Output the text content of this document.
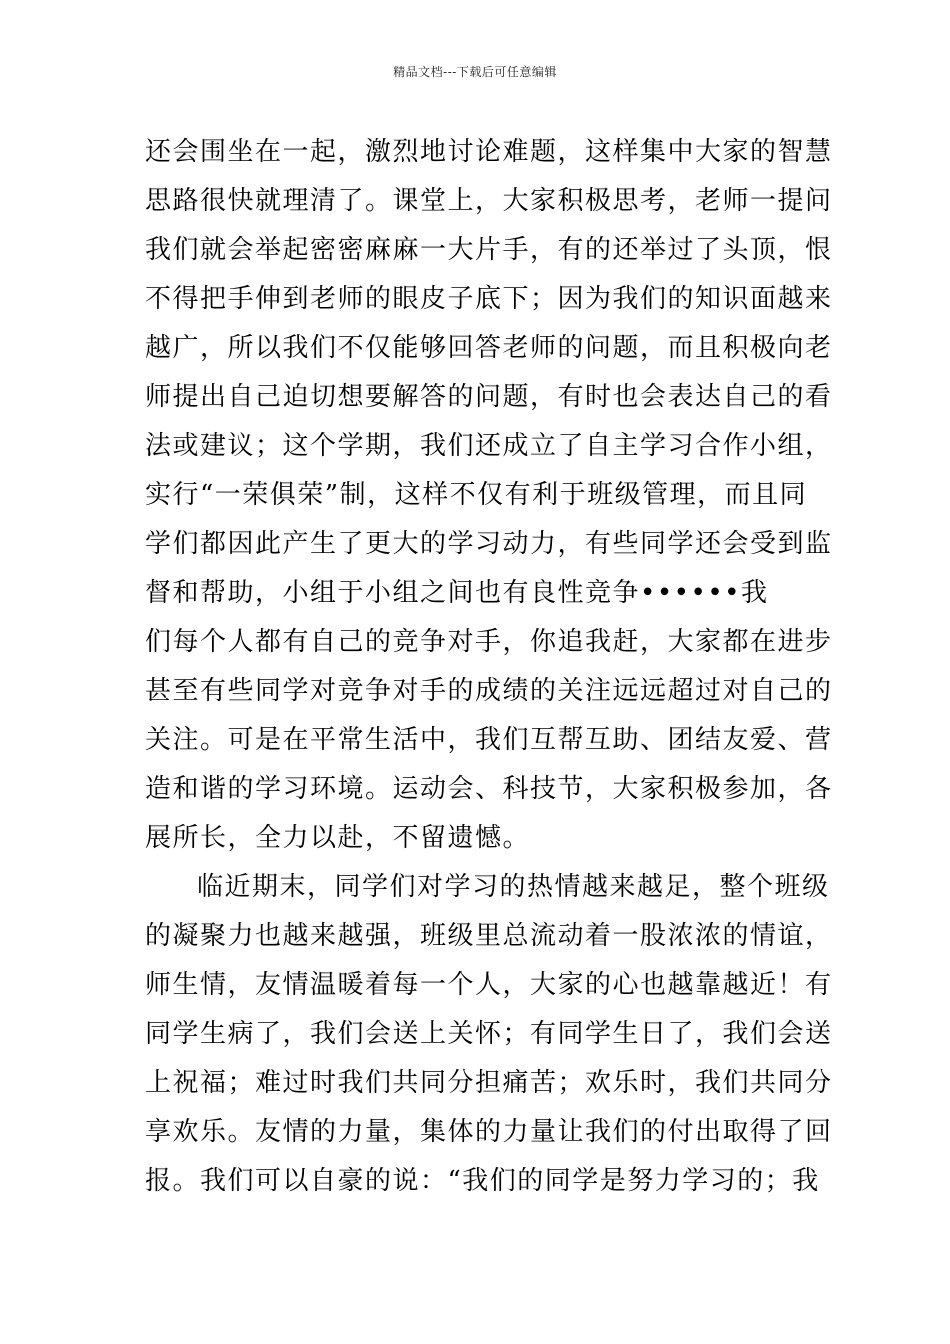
精品文档---下载后可任意编辑
还会围坐在一起，激烈地讨论难题，这样集中大家的智慧
思路很快就理清了。课堂上，大家积极思考，老师一提问
我们就会举起密密麻麻一大片手，有的还举过了头顶，恨
不得把手伸到老师的眼皮子底下；因为我们的知识面越来
越广，所以我们不仅能够回答老师的问题，而且积极向老
师提出自己迫切想要解答的问题，有时也会表达自己的看
法或建议；这个学期，我们还成立了自主学习合作小组，
实行“一荣俱荣”制，这样不仅有利于班级管理，而且同
学们都因此产生了更大的学习动力，有些同学还会受到监
督和帮助，小组于小组之间也有良性竞争••••••我
们每个人都有自己的竞争对手，你追我赶，大家都在进步
甚至有些同学对竞争对手的成绩的关注远远超过对自己的
关注。可是在平常生活中，我们互帮互助、团结友爱、营
造和谐的学习环境。运动会、科技节，大家积极参加，各
展所长，全力以赴，不留遗憾。
临近期末，同学们对学习的热情越来越足，整个班级
的凝聚力也越来越强，班级里总流动着一股浓浓的情谊，
师生情，友情温暖着每一个人，大家的心也越靠越近！有
同学生病了，我们会送上关怀；有同学生日了，我们会送
上祝福；难过时我们共同分担痛苦；欢乐时，我们共同分
享欢乐。友情的力量，集体的力量让我们的付出取得了回
报。我们可以自豪的说：“我们的同学是努力学习的；我
